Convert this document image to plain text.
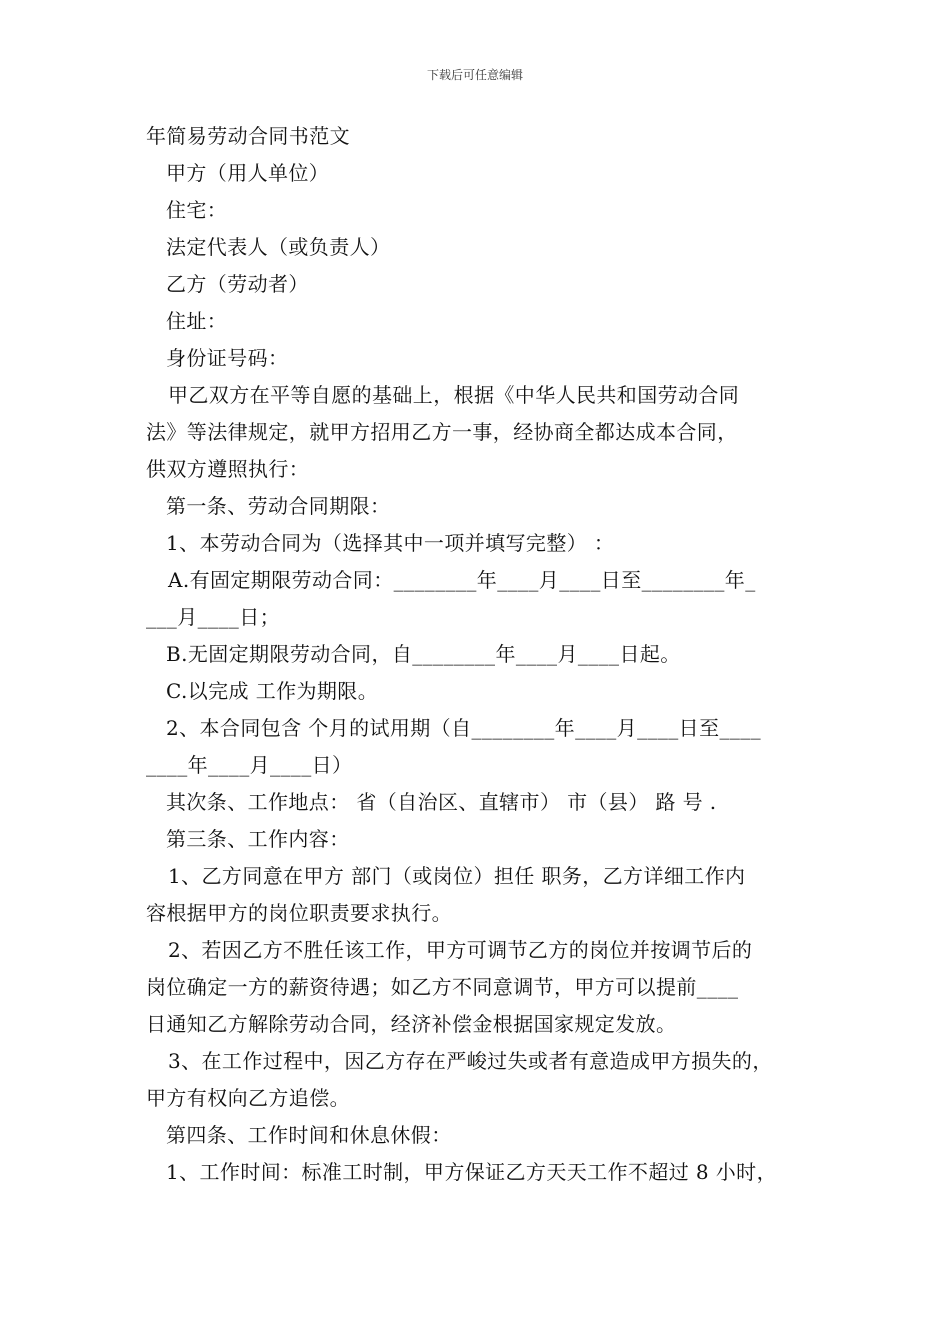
下载后可任意编辑
年简易劳动合同书范文
甲方（用人单位）
住宅：
法定代表人（或负责人）
乙方（劳动者）
住址：
身份证号码：
甲乙双方在平等自愿的基础上，根据《中华人民共和国劳动合同
法》等法律规定，就甲方招用乙方一事，经协商全都达成本合同，
供双方遵照执行：
第一条、劳动合同期限：
1、本劳动合同为（选择其中一项并填写完整） ：
A.有固定期限劳动合同：________年____月____日至________年_
___月____日；
B.无固定期限劳动合同，自________年____月____日起。
C.以完成 工作为期限。
2、本合同包含 个月的试用期（自________年____月____日至____
____年____月____日）
其次条、工作地点： 省（自治区、直辖市） 市（县） 路 号 .
第三条、工作内容：
1、乙方同意在甲方 部门（或岗位）担任 职务，乙方详细工作内
容根据甲方的岗位职责要求执行。
2、若因乙方不胜任该工作，甲方可调节乙方的岗位并按调节后的
岗位确定一方的薪资待遇；如乙方不同意调节，甲方可以提前____
日通知乙方解除劳动合同，经济补偿金根据国家规定发放。
3、在工作过程中，因乙方存在严峻过失或者有意造成甲方损失的，
甲方有权向乙方追偿。
第四条、工作时间和休息休假：
1、工作时间：标准工时制，甲方保证乙方天天工作不超过 8 小时，
